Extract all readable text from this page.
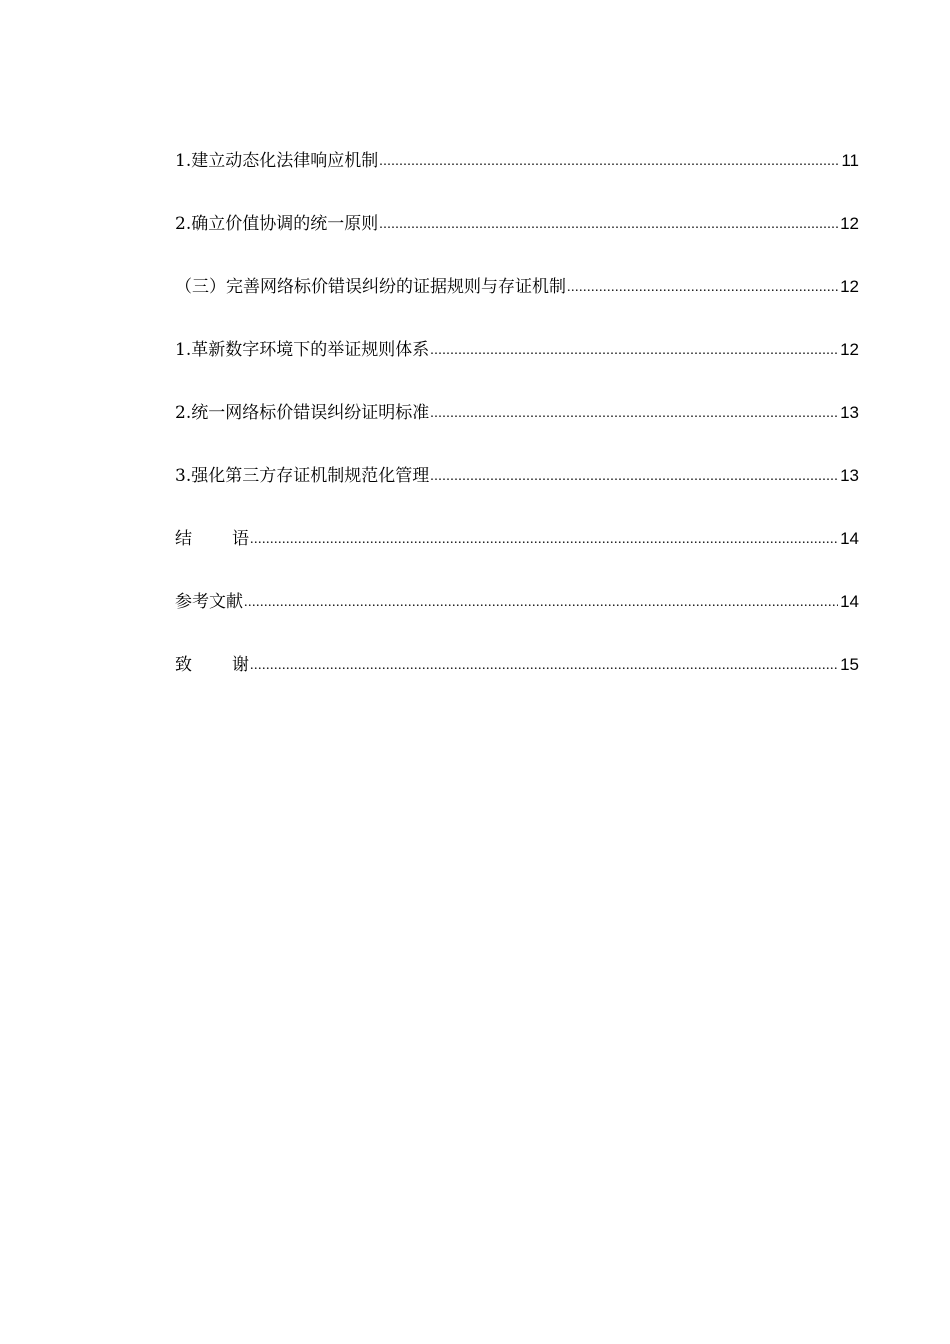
1.建立动态化法律响应机制 .....	11
2.确立价值协调的统一原则 .....	12
（三）完善网络标价错误纠纷的证据规则与存证机制 .....	12
1.革新数字环境下的举证规则体系 .....	12
2.统一网络标价错误纠纷证明标准 .....	13
3.强化第三方存证机制规范化管理 .....	13
结 语 .....	14
参考文献 .....	14
致 谢 .....	15
